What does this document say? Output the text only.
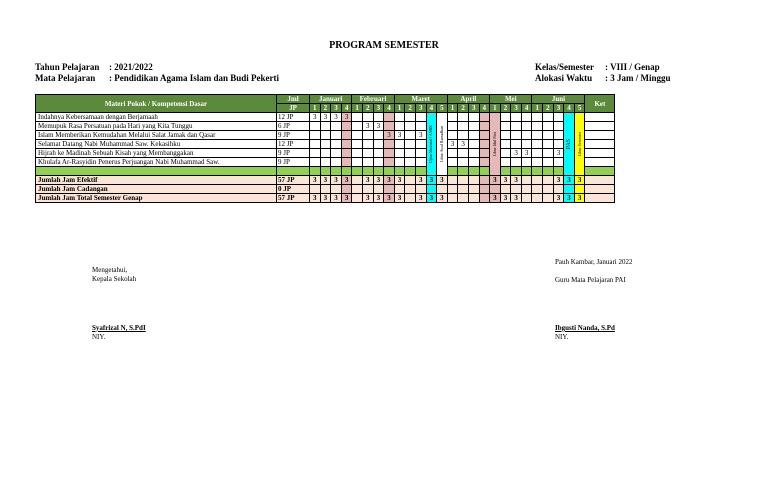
PROGRAM SEMESTER
Tahun Pelajaran : 2021/2022
Mata Pelajaran : Pendidikan Agama Islam dan Budi Pekerti
Kelas/Semester : VIII / Genap
Alokasi Waktu : 3 Jam / Minggu
Materi Pokok / Kompetensi Dasar	Jml	Januari				Februari				Maret					April				Mei				Juni					Ket
	JP	1	2	3	4	1	2	3	4	1	2	3	4	5	1	2	3	4	1	2	3	4	1	2	3	4	5	
Indahnya Kebersamaan dengan Berjamaah	12 JP	3	3	3	3								Ujian Nasional / ANBK	Libur Awal Ramadhan					Libur Idul Fitri							PAS	Libur Semester	

Memupuk Rasa Persatuan pada Hari yang Kita Tunggu	6 JP						3	3																				
Islam Memberikan Kemudahan Melalui Salat Jamak dan Qasar	9 JP								3	3		3																
Selamat Datang Nabi Muhammad Saw. Kekasihku	12 JP														3	3												
Hijrah ke Madinah Sebuah Kisah yang Membanggakan	9 JP																				3	3			3			
Khulafa Ar-Rasyidin Penerus Perjuangan Nabi Muhammad Saw.	9 JP																											

Jumlah Jam Efektif	57 JP	3	3	3	3		3	3	3	3		3	3	3					3	3	3				3	3	3	
Jumlah Jam Cadangan	0 JP																											
Jumlah Jam Total Semester Genap	57 JP	3	3	3	3		3	3	3	3		3	3	3					3	3	3				3	3	3	
Mengetahui,
Kepala Sekolah
Syafrizal N, S.PdI
NIY.
Pauh Kambar, Januari 2022
Guru Mata Pelajaran PAI
Ibgusti Nanda, S.Pd
NIY.
